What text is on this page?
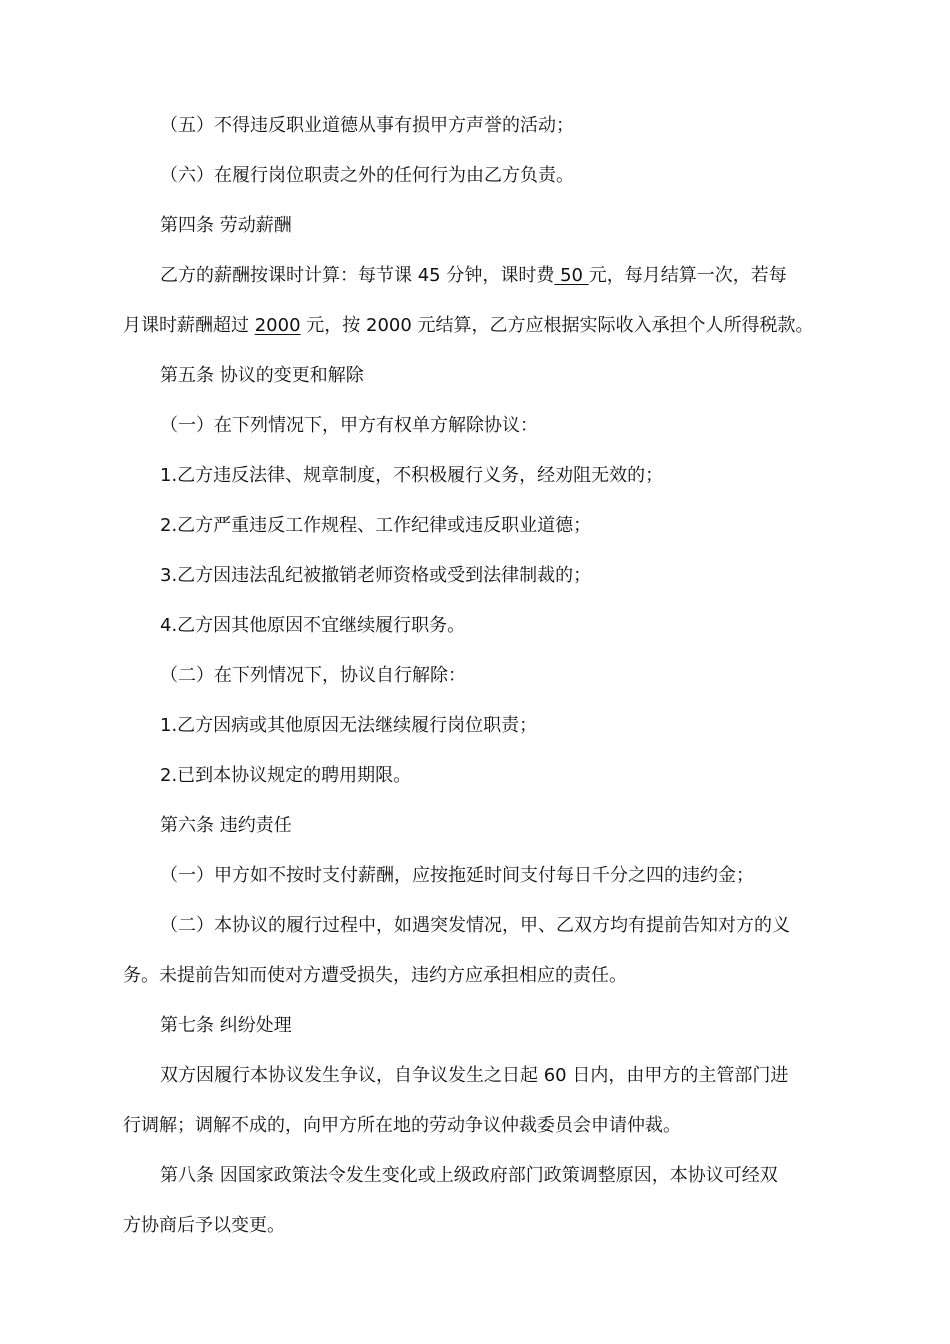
（五）不得违反职业道德从事有损甲方声誉的活动；
（六）在履行岗位职责之外的任何行为由乙方负责。
第四条 劳动薪酬
乙方的薪酬按课时计算：每节课 45 分钟，课时费 50 元，每月结算一次，若每
月课时薪酬超过 2000 元，按 2000 元结算，乙方应根据实际收入承担个人所得税款。
第五条 协议的变更和解除
（一）在下列情况下，甲方有权单方解除协议：
1.乙方违反法律、规章制度，不积极履行义务，经劝阻无效的；
2.乙方严重违反工作规程、工作纪律或违反职业道德；
3.乙方因违法乱纪被撤销老师资格或受到法律制裁的；
4.乙方因其他原因不宜继续履行职务。
（二）在下列情况下，协议自行解除：
1.乙方因病或其他原因无法继续履行岗位职责；
2.已到本协议规定的聘用期限。
第六条 违约责任
（一）甲方如不按时支付薪酬，应按拖延时间支付每日千分之四的违约金；
（二）本协议的履行过程中，如遇突发情况，甲、乙双方均有提前告知对方的义
务。未提前告知而使对方遭受损失，违约方应承担相应的责任。
第七条 纠纷处理
双方因履行本协议发生争议，自争议发生之日起 60 日内，由甲方的主管部门进
行调解；调解不成的，向甲方所在地的劳动争议仲裁委员会申请仲裁。
第八条 因国家政策法令发生变化或上级政府部门政策调整原因，本协议可经双
方协商后予以变更。
